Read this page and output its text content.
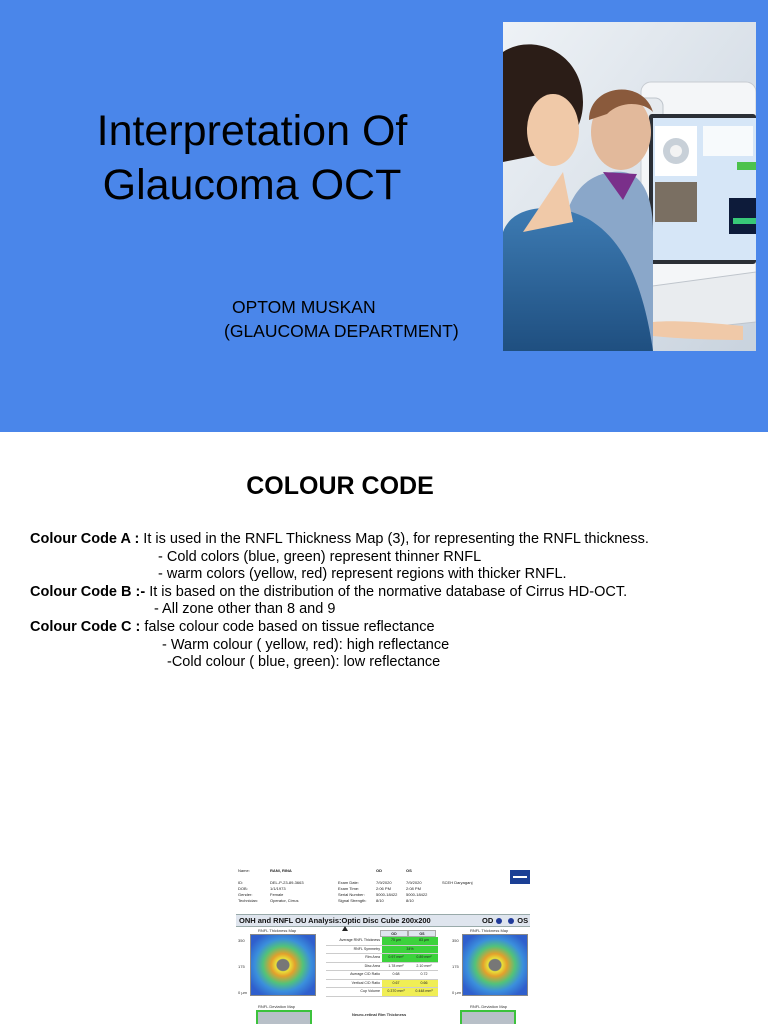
Interpretation Of
Glaucoma OCT
OPTOM MUSKAN
(GLAUCOMA DEPARTMENT)
COLOUR CODE
Colour Code A : It is used in the RNFL Thickness Map (3), for representing the RNFL thickness.
- Cold colors (blue, green) represent thinner RNFL
- warm colors (yellow, red) represent regions with thicker RNFL.
Colour Code B :- It is based on the distribution of the normative database of Cirrus HD-OCT.
- All zone other than 8 and 9
Colour Code C : false colour code based on tissue reflectance
- Warm colour ( yellow, red): high reflectance
-Cold colour ( blue, green): low reflectance
Name:	RANI, RINA
ID:	DEL-P-23-89-3663
DOB:	1/1/1973
Gender:	Female
Technician:	Operator, Cirrus
OD	OS
Exam Date:	7/9/2020	7/9/2020
Exam Time:	2:06 PM	2:08 PM
Serial Number:	5000-18422 5000-18422
Signal Strength: 8/10	8/10
SCEH Daryaganj
ONH and RNFL OU Analysis:Optic Disc Cube 200x200	OD	OS
RNFL Thickness Map
350
175
0 µm
RNFL Deviation Map
OD	OS
Average RNFL Thickness	75 µm	83 µm
RNFL Symmetry	34%
Rim Area	0.97 mm²	0.89 mm²
Disc Area	1.78 mm²	2.10 mm²
Average C/D Ratio	0.68	0.72
Vertical C/D Ratio	0.67	0.66
Cup Volume	0.370 mm³	0.448 mm³
Neuro-retinal Rim Thickness
RNFL Thickness Map
350
175
0 µm
RNFL Deviation Map
